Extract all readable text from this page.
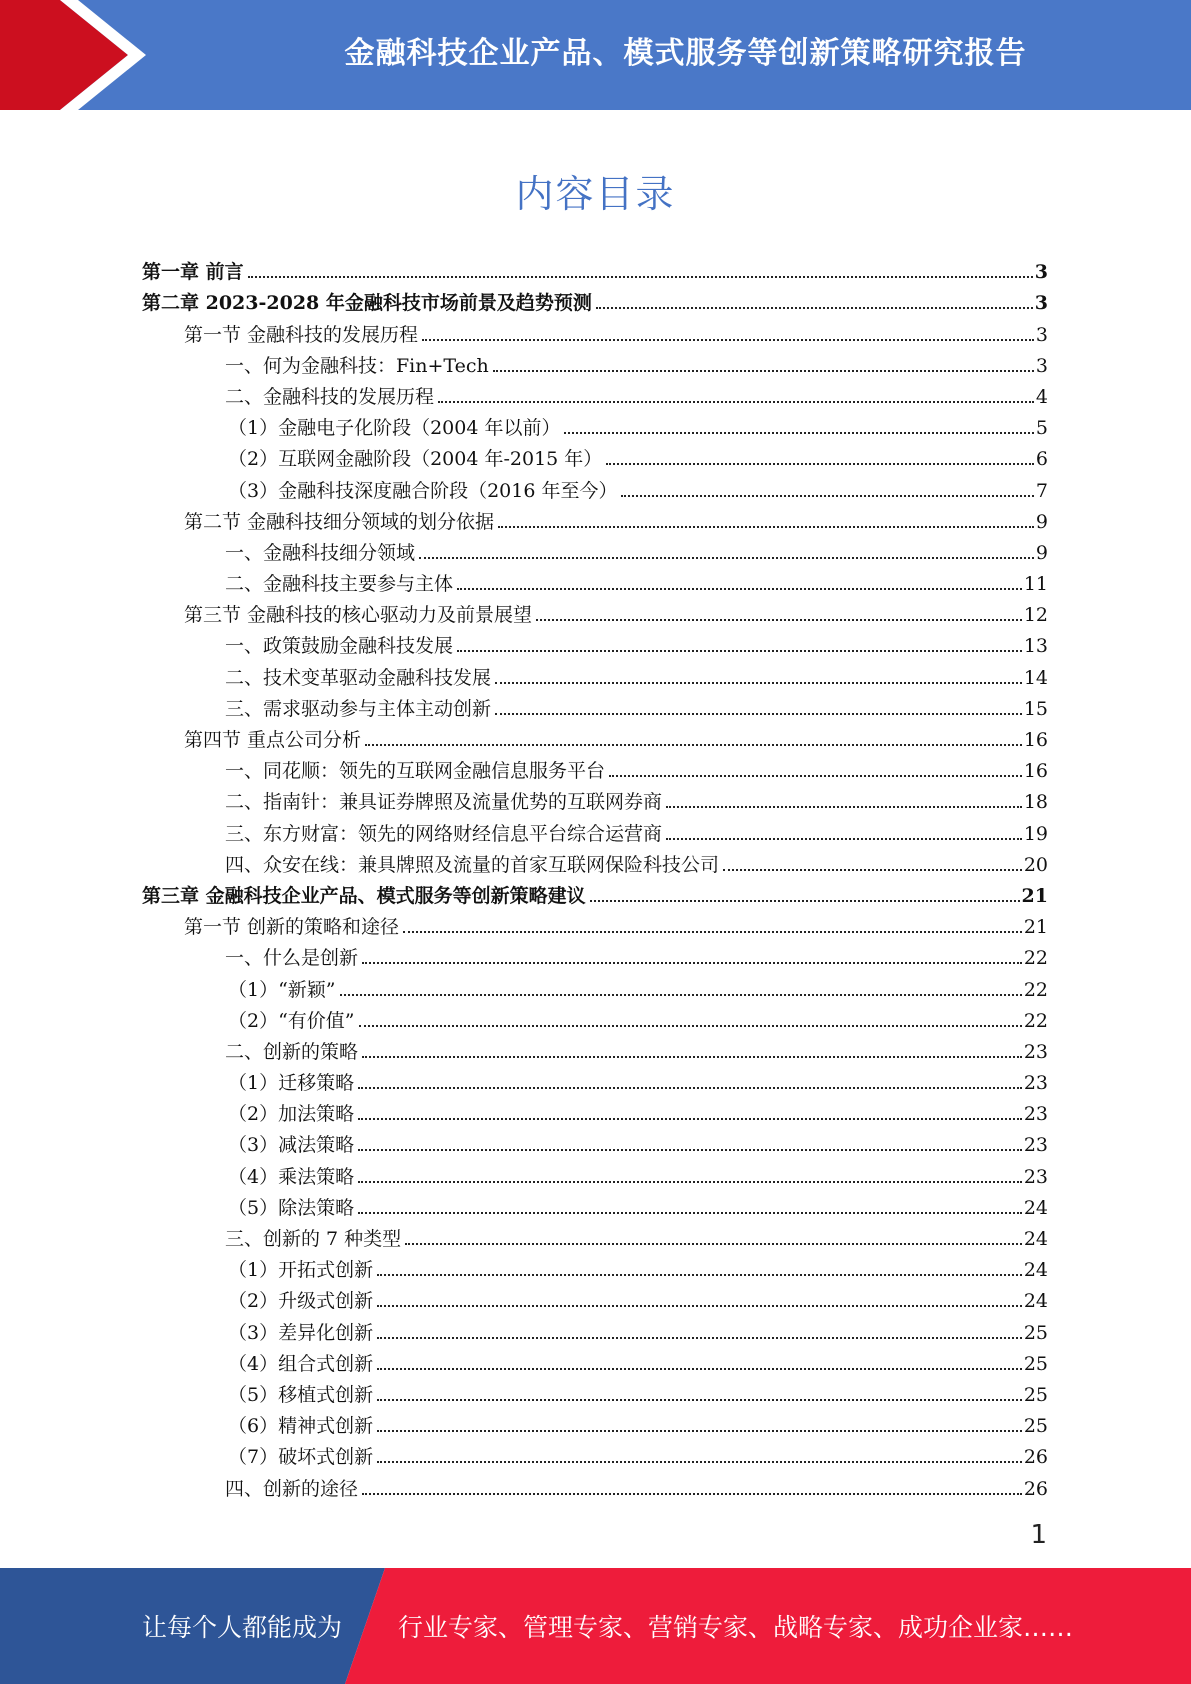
金融科技企业产品、模式服务等创新策略研究报告
内容目录
第一章 前言	3
第二章 2023-2028 年金融科技市场前景及趋势预测	3
第一节 金融科技的发展历程	3
一、何为金融科技：Fin+Tech	3
二、金融科技的发展历程	4
（1）金融电子化阶段（2004 年以前）	5
（2）互联网金融阶段（2004 年-2015 年）	6
（3）金融科技深度融合阶段（2016 年至今）	7
第二节 金融科技细分领域的划分依据	9
一、金融科技细分领域	9
二、金融科技主要参与主体	11
第三节 金融科技的核心驱动力及前景展望	12
一、政策鼓励金融科技发展	13
二、技术变革驱动金融科技发展	14
三、需求驱动参与主体主动创新	15
第四节 重点公司分析	16
一、同花顺：领先的互联网金融信息服务平台	16
二、指南针：兼具证券牌照及流量优势的互联网券商	18
三、东方财富：领先的网络财经信息平台综合运营商	19
四、众安在线：兼具牌照及流量的首家互联网保险科技公司	20
第三章 金融科技企业产品、模式服务等创新策略建议	21
第一节 创新的策略和途径	21
一、什么是创新	22
（1）“新颖”	22
（2）“有价值”	22
二、创新的策略	23
（1）迁移策略	23
（2）加法策略	23
（3）减法策略	23
（4）乘法策略	23
（5）除法策略	24
三、创新的 7 种类型	24
（1）开拓式创新	24
（2）升级式创新	24
（3）差异化创新	25
（4）组合式创新	25
（5）移植式创新	25
（6）精神式创新	25
（7）破坏式创新	26
四、创新的途径	26
1
让每个人都能成为 行业专家、管理专家、营销专家、战略专家、成功企业家……
